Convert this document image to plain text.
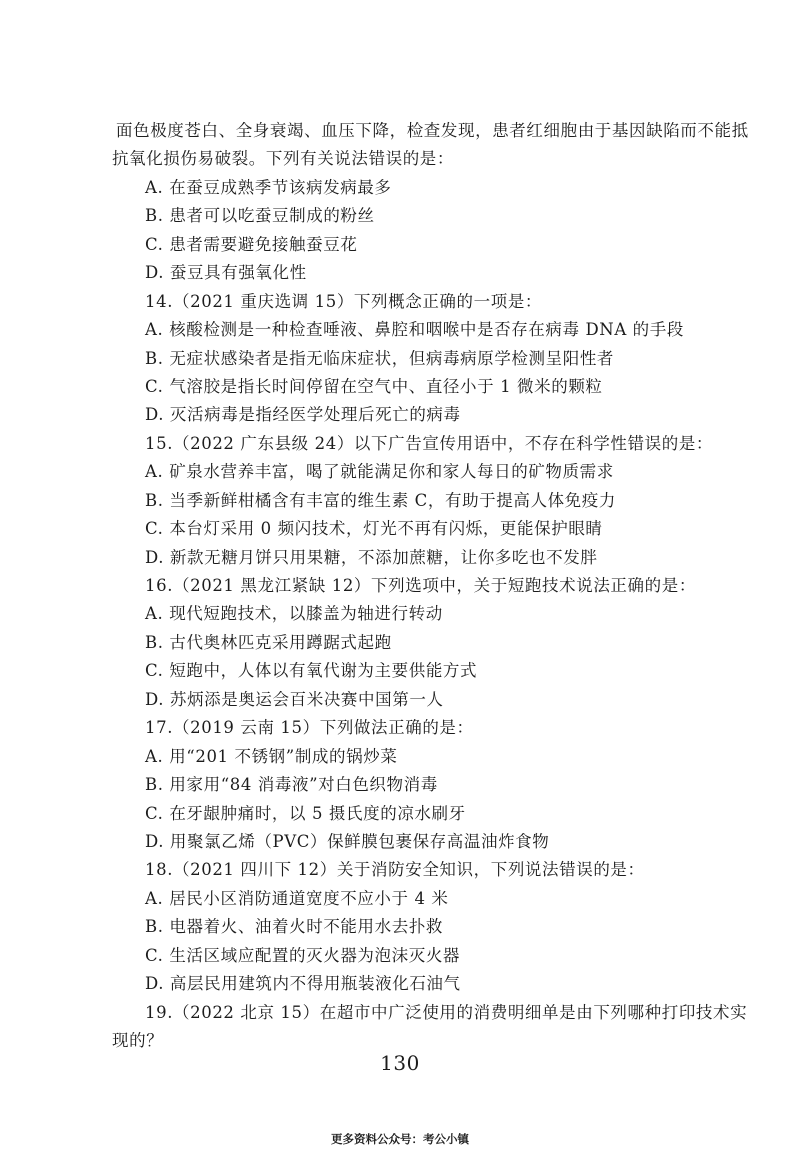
面色极度苍白、全身衰竭、血压下降，检查发现，患者红细胞由于基因缺陷而不能抵
抗氧化损伤易破裂。下列有关说法错误的是：
A. 在蚕豆成熟季节该病发病最多
B. 患者可以吃蚕豆制成的粉丝
C. 患者需要避免接触蚕豆花
D. 蚕豆具有强氧化性
14.（2021 重庆选调 15）下列概念正确的一项是：
A. 核酸检测是一种检查唾液、鼻腔和咽喉中是否存在病毒 DNA 的手段
B. 无症状感染者是指无临床症状，但病毒病原学检测呈阳性者
C. 气溶胶是指长时间停留在空气中、直径小于 1 微米的颗粒
D. 灭活病毒是指经医学处理后死亡的病毒
15.（2022 广东县级 24）以下广告宣传用语中，不存在科学性错误的是：
A. 矿泉水营养丰富，喝了就能满足你和家人每日的矿物质需求
B. 当季新鲜柑橘含有丰富的维生素 C，有助于提高人体免疫力
C. 本台灯采用 0 频闪技术，灯光不再有闪烁，更能保护眼睛
D. 新款无糖月饼只用果糖，不添加蔗糖，让你多吃也不发胖
16.（2021 黑龙江紧缺 12）下列选项中，关于短跑技术说法正确的是：
A. 现代短跑技术，以膝盖为轴进行转动
B. 古代奥林匹克采用蹲踞式起跑
C. 短跑中，人体以有氧代谢为主要供能方式
D. 苏炳添是奥运会百米决赛中国第一人
17.（2019 云南 15）下列做法正确的是：
A. 用“201 不锈钢”制成的锅炒菜
B. 用家用“84 消毒液”对白色织物消毒
C. 在牙龈肿痛时，以 5 摄氏度的凉水刷牙
D. 用聚氯乙烯（PVC）保鲜膜包裹保存高温油炸食物
18.（2021 四川下 12）关于消防安全知识，下列说法错误的是：
A. 居民小区消防通道宽度不应小于 4 米
B. 电器着火、油着火时不能用水去扑救
C. 生活区域应配置的灭火器为泡沫灭火器
D. 高层民用建筑内不得用瓶装液化石油气
19.（2022 北京 15）在超市中广泛使用的消费明细单是由下列哪种打印技术实
现的？
130
更多资料公众号：考公小镇
